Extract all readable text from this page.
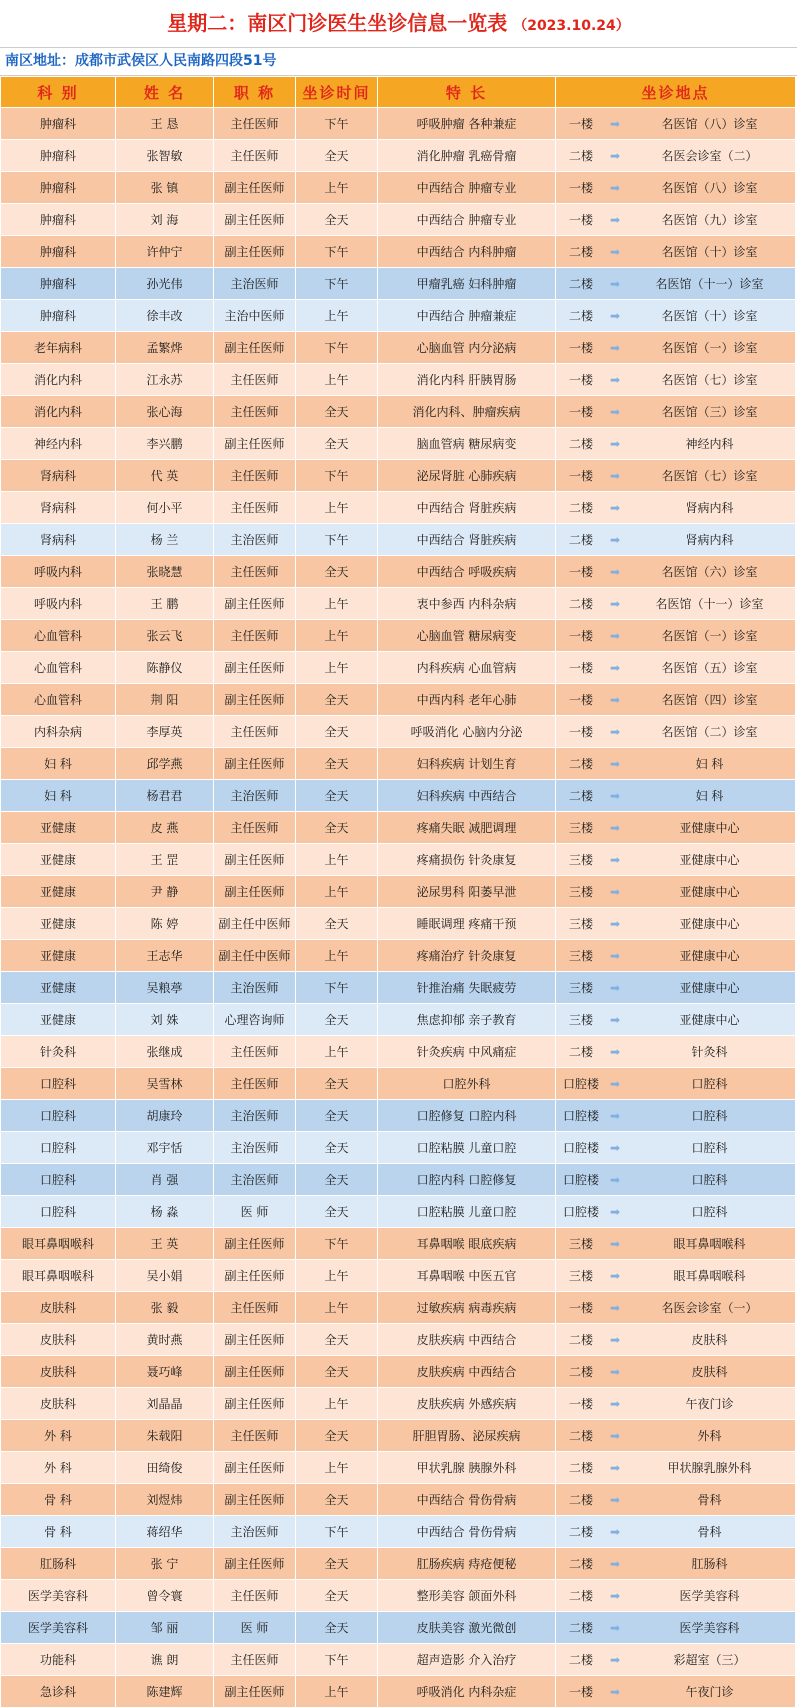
星期二：南区门诊医生坐诊信息一览表 （2023.10.24）
南区地址：成都市武侯区人民南路四段51号
科 别	姓 名	职 称	坐诊时间	特 长	坐诊地点
肿瘤科	王 恳	主任医师	下午	呼吸肿瘤 各种兼症	一楼 ➡ 名医馆（八）诊室

肿瘤科	张智敏	主任医师	全天	消化肿瘤 乳癌骨瘤	二楼 ➡ 名医会诊室（二）

肿瘤科	张 镇	副主任医师	上午	中西结合 肿瘤专业	一楼 ➡ 名医馆（八）诊室

肿瘤科	刘 海	副主任医师	全天	中西结合 肿瘤专业	一楼 ➡ 名医馆（九）诊室

肿瘤科	许仲宁	副主任医师	下午	中西结合 内科肿瘤	二楼 ➡ 名医馆（十）诊室

肿瘤科	孙光伟	主治医师	下午	甲瘤乳癌 妇科肿瘤	二楼 ➡ 名医馆（十一）诊室

肿瘤科	徐丰改	主治中医师	上午	中西结合 肿瘤兼症	二楼 ➡ 名医馆（十）诊室

老年病科	孟繁烨	副主任医师	下午	心脑血管 内分泌病	一楼 ➡ 名医馆（一）诊室

消化内科	江永苏	主任医师	上午	消化内科 肝胰胃肠	一楼 ➡ 名医馆（七）诊室

消化内科	张心海	主任医师	全天	消化内科、肿瘤疾病	一楼 ➡ 名医馆（三）诊室

神经内科	李兴鹏	副主任医师	全天	脑血管病 糖尿病变	二楼 ➡ 神经内科

肾病科	代 英	主任医师	下午	泌尿肾脏 心肺疾病	一楼 ➡ 名医馆（七）诊室

肾病科	何小平	主任医师	上午	中西结合 肾脏疾病	二楼 ➡ 肾病内科

肾病科	杨 兰	主治医师	下午	中西结合 肾脏疾病	二楼 ➡ 肾病内科

呼吸内科	张晓慧	主任医师	全天	中西结合 呼吸疾病	一楼 ➡ 名医馆（六）诊室

呼吸内科	王 鹏	副主任医师	上午	衷中参西 内科杂病	二楼 ➡ 名医馆（十一）诊室

心血管科	张云飞	主任医师	上午	心脑血管 糖尿病变	一楼 ➡ 名医馆（一）诊室

心血管科	陈静仪	副主任医师	上午	内科疾病 心血管病	一楼 ➡ 名医馆（五）诊室

心血管科	荆 阳	副主任医师	全天	中西内科 老年心肺	一楼 ➡ 名医馆（四）诊室

内科杂病	李厚英	主任医师	全天	呼吸消化 心脑内分泌	一楼 ➡ 名医馆（二）诊室

妇 科	邱学燕	副主任医师	全天	妇科疾病 计划生育	二楼 ➡ 妇 科

妇 科	杨君君	主治医师	全天	妇科疾病 中西结合	二楼 ➡ 妇 科

亚健康	皮 燕	主任医师	全天	疼痛失眠 减肥调理	三楼 ➡ 亚健康中心

亚健康	王 罡	副主任医师	上午	疼痛损伤 针灸康复	三楼 ➡ 亚健康中心

亚健康	尹 静	副主任医师	上午	泌尿男科 阳萎早泄	三楼 ➡ 亚健康中心

亚健康	陈 婷	副主任中医师	全天	睡眠调理 疼痛干预	三楼 ➡ 亚健康中心

亚健康	王志华	副主任中医师	上午	疼痛治疗 针灸康复	三楼 ➡ 亚健康中心

亚健康	吴粮葶	主治医师	下午	针推治痛 失眠疲劳	三楼 ➡ 亚健康中心

亚健康	刘 姝	心理咨询师	全天	焦虑抑郁 亲子教育	三楼 ➡ 亚健康中心

针灸科	张继成	主任医师	上午	针灸疾病 中风痛症	二楼 ➡ 针灸科

口腔科	吴雪林	主任医师	全天	口腔外科	口腔楼 ➡ 口腔科

口腔科	胡康玲	主治医师	全天	口腔修复 口腔内科	口腔楼 ➡ 口腔科

口腔科	邓宇恬	主治医师	全天	口腔粘膜 儿童口腔	口腔楼 ➡ 口腔科

口腔科	肖 强	主治医师	全天	口腔内科 口腔修复	口腔楼 ➡ 口腔科

口腔科	杨 淼	医 师	全天	口腔粘膜 儿童口腔	口腔楼 ➡ 口腔科

眼耳鼻咽喉科	王 英	副主任医师	下午	耳鼻咽喉 眼底疾病	三楼 ➡ 眼耳鼻咽喉科

眼耳鼻咽喉科	吴小娟	副主任医师	上午	耳鼻咽喉 中医五官	三楼 ➡ 眼耳鼻咽喉科

皮肤科	张 毅	主任医师	上午	过敏疾病 病毒疾病	一楼 ➡ 名医会诊室（一）

皮肤科	黄时燕	副主任医师	全天	皮肤疾病 中西结合	二楼 ➡ 皮肤科

皮肤科	聂巧峰	副主任医师	全天	皮肤疾病 中西结合	二楼 ➡ 皮肤科

皮肤科	刘晶晶	副主任医师	上午	皮肤疾病 外感疾病	一楼 ➡ 午夜门诊

外 科	朱载阳	主任医师	全天	肝胆胃肠、泌尿疾病	二楼 ➡ 外科

外 科	田绮俊	副主任医师	上午	甲状乳腺 胰腺外科	二楼 ➡ 甲状腺乳腺外科

骨 科	刘煜炜	副主任医师	全天	中西结合 骨伤骨病	二楼 ➡ 骨科

骨 科	蒋绍华	主治医师	下午	中西结合 骨伤骨病	二楼 ➡ 骨科

肛肠科	张 宁	副主任医师	全天	肛肠疾病 痔疮便秘	二楼 ➡ 肛肠科

医学美容科	曾令寰	主任医师	全天	整形美容 颌面外科	二楼 ➡ 医学美容科

医学美容科	邹 丽	医 师	全天	皮肤美容 激光微创	二楼 ➡ 医学美容科

功能科	谯 朗	主任医师	下午	超声造影 介入治疗	二楼 ➡ 彩超室（三）

急诊科	陈建辉	副主任医师	上午	呼吸消化 内科杂症	一楼 ➡ 午夜门诊
